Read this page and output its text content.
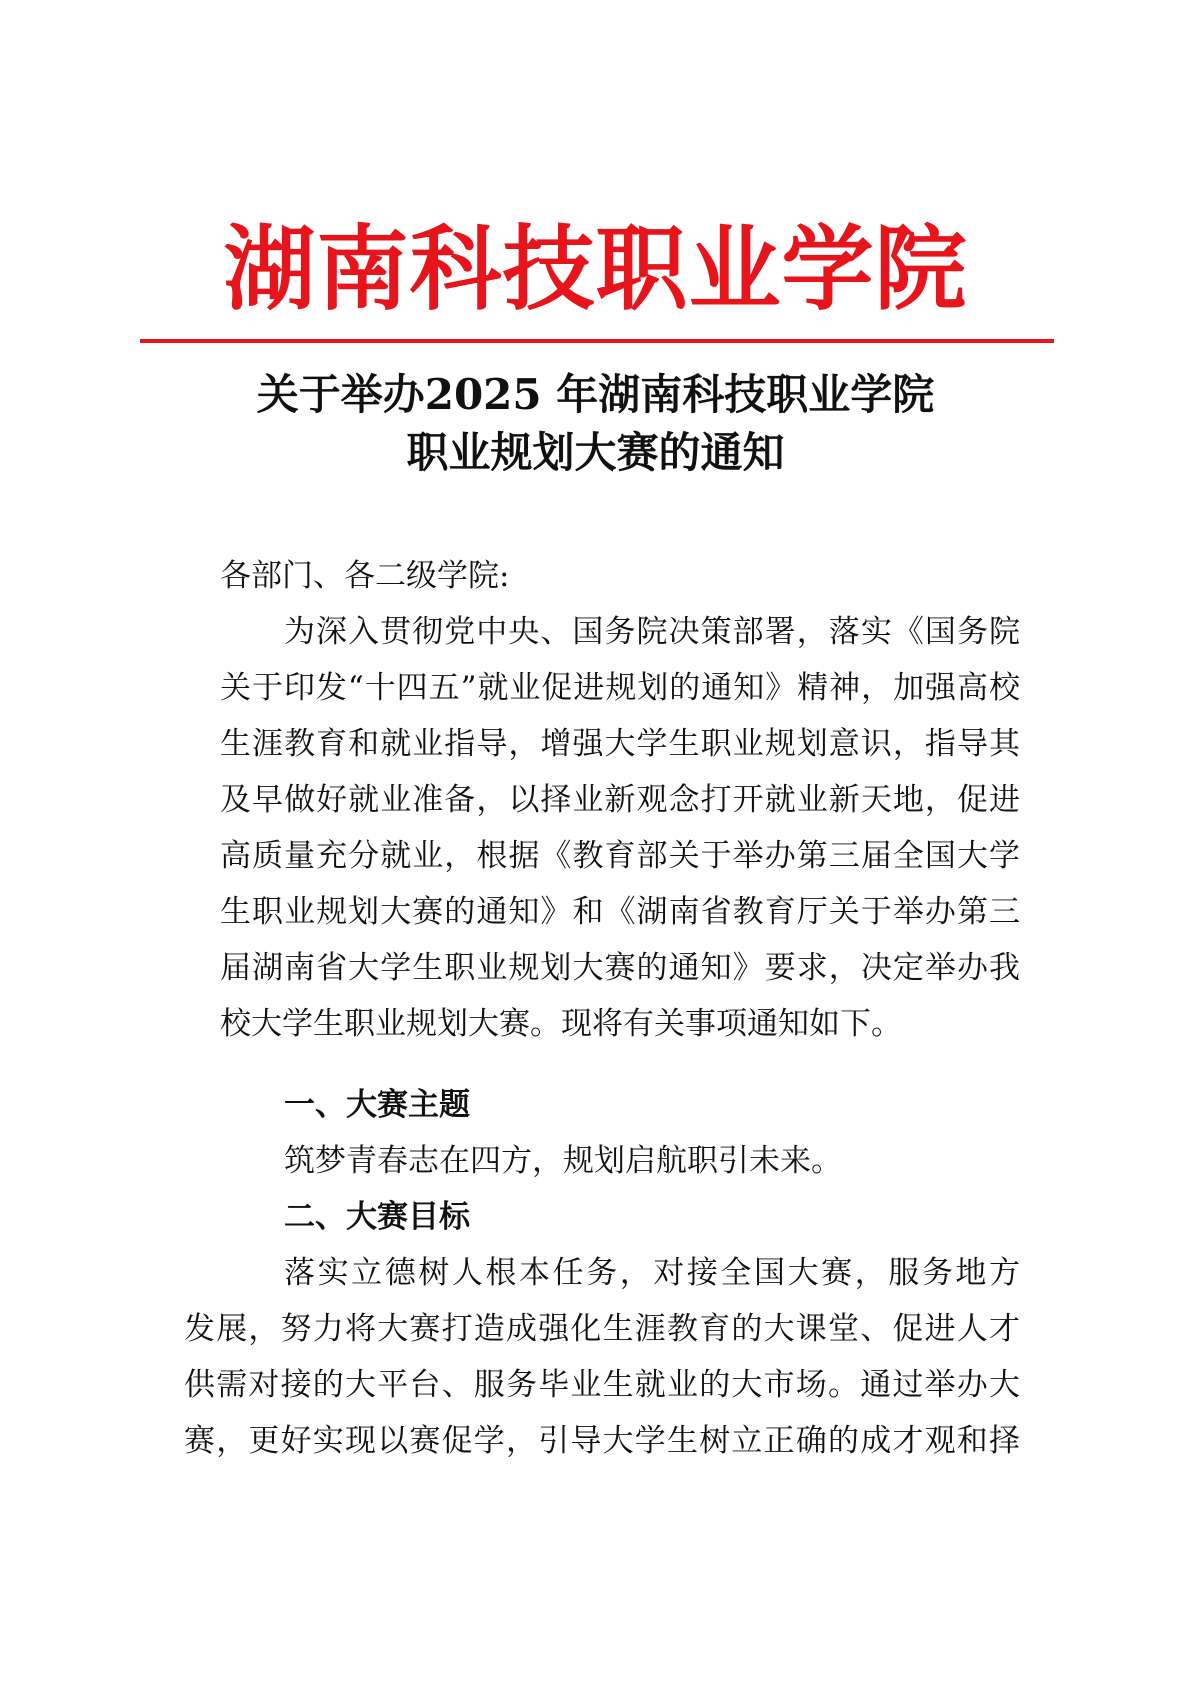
湖南科技职业学院
关于举办2025 年湖南科技职业学院
职业规划大赛的通知
各部门、各二级学院:
为深入贯彻党中央、国务院决策部署，落实《国务院
关于印发“十四五”就业促进规划的通知》精神，加强高校
生涯教育和就业指导，增强大学生职业规划意识，指导其
及早做好就业准备，以择业新观念打开就业新天地，促进
高质量充分就业，根据《教育部关于举办第三届全国大学
生职业规划大赛的通知》和《湖南省教育厅关于举办第三
届湖南省大学生职业规划大赛的通知》要求，决定举办我
校大学生职业规划大赛。现将有关事项通知如下。
一、大赛主题
筑梦青春志在四方，规划启航职引未来。
二、大赛目标
落实立德树人根本任务，对接全国大赛，服务地方
发展，努力将大赛打造成强化生涯教育的大课堂、促进人才
供需对接的大平台、服务毕业生就业的大市场。通过举办大
赛，更好实现以赛促学，引导大学生树立正确的成才观和择
